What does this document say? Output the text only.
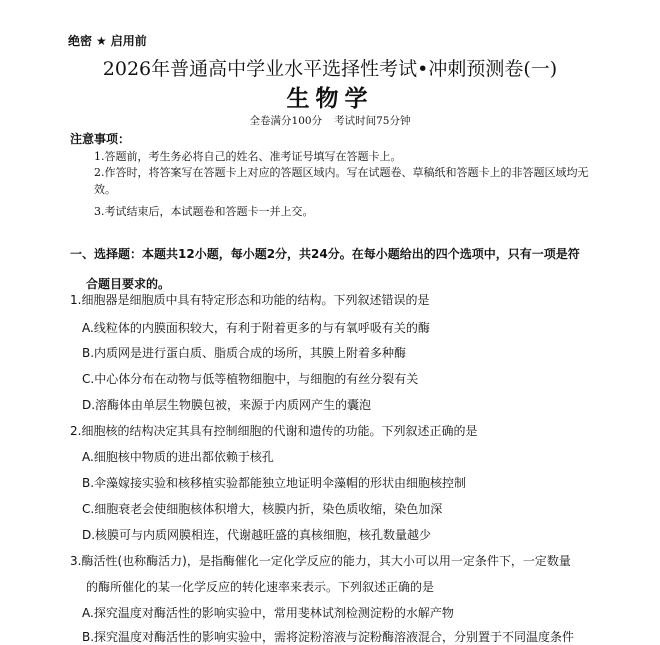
绝密 ★ 启用前
2026年普通高中学业水平选择性考试•冲刺预测卷(一)
生物学
全卷满分100分 考试时间75分钟
注意事项：
1.答题前，考生务必将自己的姓名、准考证号填写在答题卡上。
2.作答时，将答案写在答题卡上对应的答题区域内。写在试题卷、草稿纸和答题卡上的非答题区域均无效。
3.考试结束后，本试题卷和答题卡一并上交。
一、选择题：本题共12小题，每小题2分，共24分。在每小题给出的四个选项中，只有一项是符
合题目要求的。
1.细胞器是细胞质中具有特定形态和功能的结构。下列叙述错误的是
A.线粒体的内膜面积较大，有利于附着更多的与有氧呼吸有关的酶
B.内质网是进行蛋白质、脂质合成的场所，其膜上附着多种酶
C.中心体分布在动物与低等植物细胞中，与细胞的有丝分裂有关
D.溶酶体由单层生物膜包被，来源于内质网产生的囊泡
2.细胞核的结构决定其具有控制细胞的代谢和遗传的功能。下列叙述正确的是
A.细胞核中物质的进出都依赖于核孔
B.伞藻嫁接实验和核移植实验都能独立地证明伞藻帽的形状由细胞核控制
C.细胞衰老会使细胞核体积增大，核膜内折，染色质收缩，染色加深
D.核膜可与内质网膜相连，代谢越旺盛的真核细胞，核孔数量越少
3.酶活性(也称酶活力)，是指酶催化一定化学反应的能力，其大小可以用一定条件下，一定数量
的酶所催化的某一化学反应的转化速率来表示。下列叙述正确的是
A.探究温度对酶活性的影响实验中，常用斐林试剂检测淀粉的水解产物
B.探究温度对酶活性的影响实验中，需将淀粉溶液与淀粉酶溶液混合，分别置于不同温度条件
